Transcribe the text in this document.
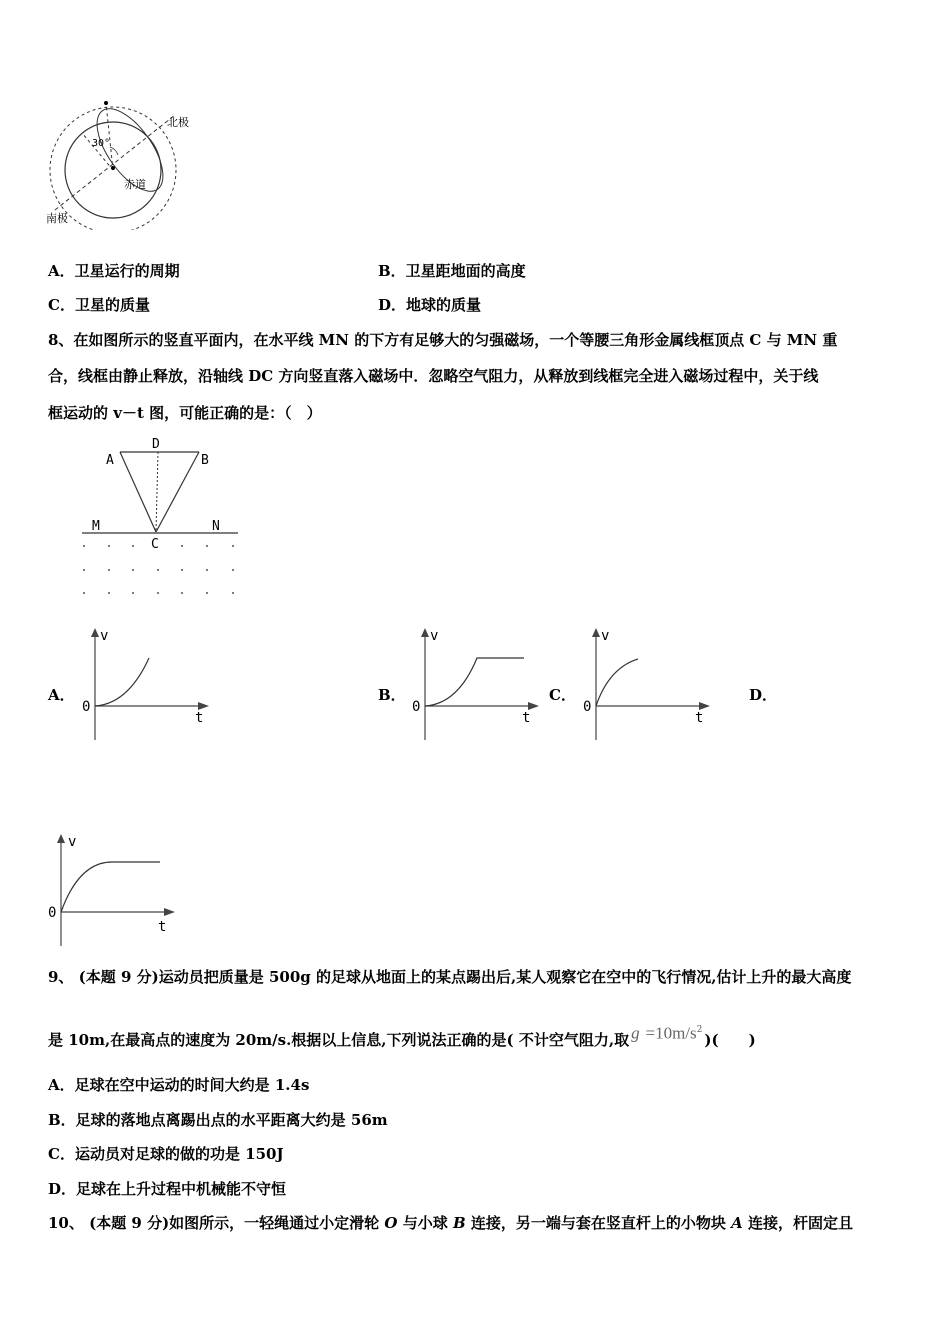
30°
北极
赤道
南极
A．卫星运行的周期	B．卫星距地面的高度
C．卫星的质量	D．地球的质量
8、在如图所示的竖直平面内，在水平线 MN 的下方有足够大的匀强磁场，一个等腰三角形金属线框顶点 C 与 MN 重
合，线框由静止释放，沿轴线 DC 方向竖直落入磁场中．忽略空气阻力，从释放到线框完全进入磁场过程中，关于线
框运动的 v－t 图，可能正确的是：（　）
D
A	B
M	N
C
A．	B．	C．	D．
v
0
t
v
0
t
v
0
t
v
0
t
9、 (本题 9 分)运动员把质量是 500g 的足球从地面上的某点踢出后,某人观察它在空中的飞行情况,估计上升的最大高度
是 10m,在最高点的速度为 20m/s.根据以上信息,下列说法正确的是( 不计空气阻力,取 $g =10m/s^2$)(　　)
A．足球在空中运动的时间大约是 1.4s
B．足球的落地点离踢出点的水平距离大约是 56m
C．运动员对足球的做的功是 150J
D．足球在上升过程中机械能不守恒
10、 (本题 9 分)如图所示，一轻绳通过小定滑轮 O 与小球 B 连接，另一端与套在竖直杆上的小物块 A 连接，杆固定且
